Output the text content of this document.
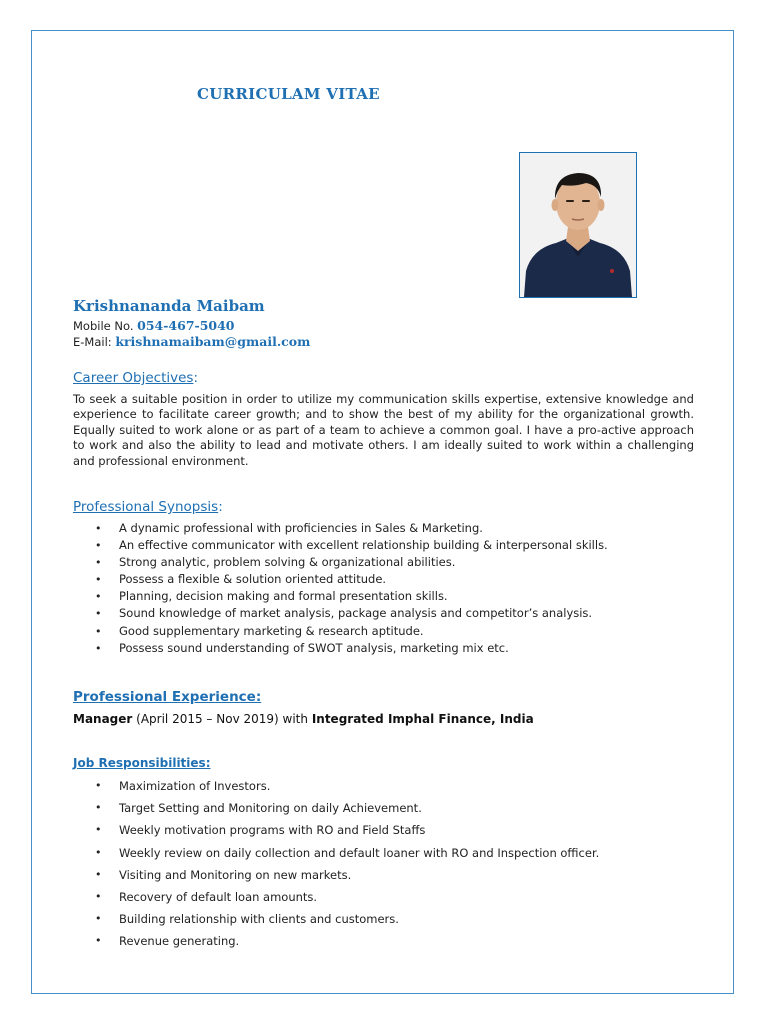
CURRICULAM VITAE
Krishnananda Maibam
Mobile No. 054-467-5040
E-Mail: krishnamaibam@gmail.com
Career Objectives:
To seek a suitable position in order to utilize my communication skills expertise, extensive knowledge and experience to facilitate career growth; and to show the best of my ability for the organizational growth. Equally suited to work alone or as part of a team to achieve a common goal. I have a pro-active approach to work and also the ability to lead and motivate others. I am ideally suited to work within a challenging and professional environment.
Professional Synopsis:
• A dynamic professional with proficiencies in Sales & Marketing.
• An effective communicator with excellent relationship building & interpersonal skills.
• Strong analytic, problem solving & organizational abilities.
• Possess a flexible & solution oriented attitude.
• Planning, decision making and formal presentation skills.
• Sound knowledge of market analysis, package analysis and competitor’s analysis.
• Good supplementary marketing & research aptitude.
• Possess sound understanding of SWOT analysis, marketing mix etc.
Professional Experience:
Manager (April 2015 – Nov 2019) with Integrated Imphal Finance, India
Job Responsibilities:
• Maximization of Investors.
• Target Setting and Monitoring on daily Achievement.
• Weekly motivation programs with RO and Field Staffs
• Weekly review on daily collection and default loaner with RO and Inspection officer.
• Visiting and Monitoring on new markets.
• Recovery of default loan amounts.
• Building relationship with clients and customers.
• Revenue generating.
